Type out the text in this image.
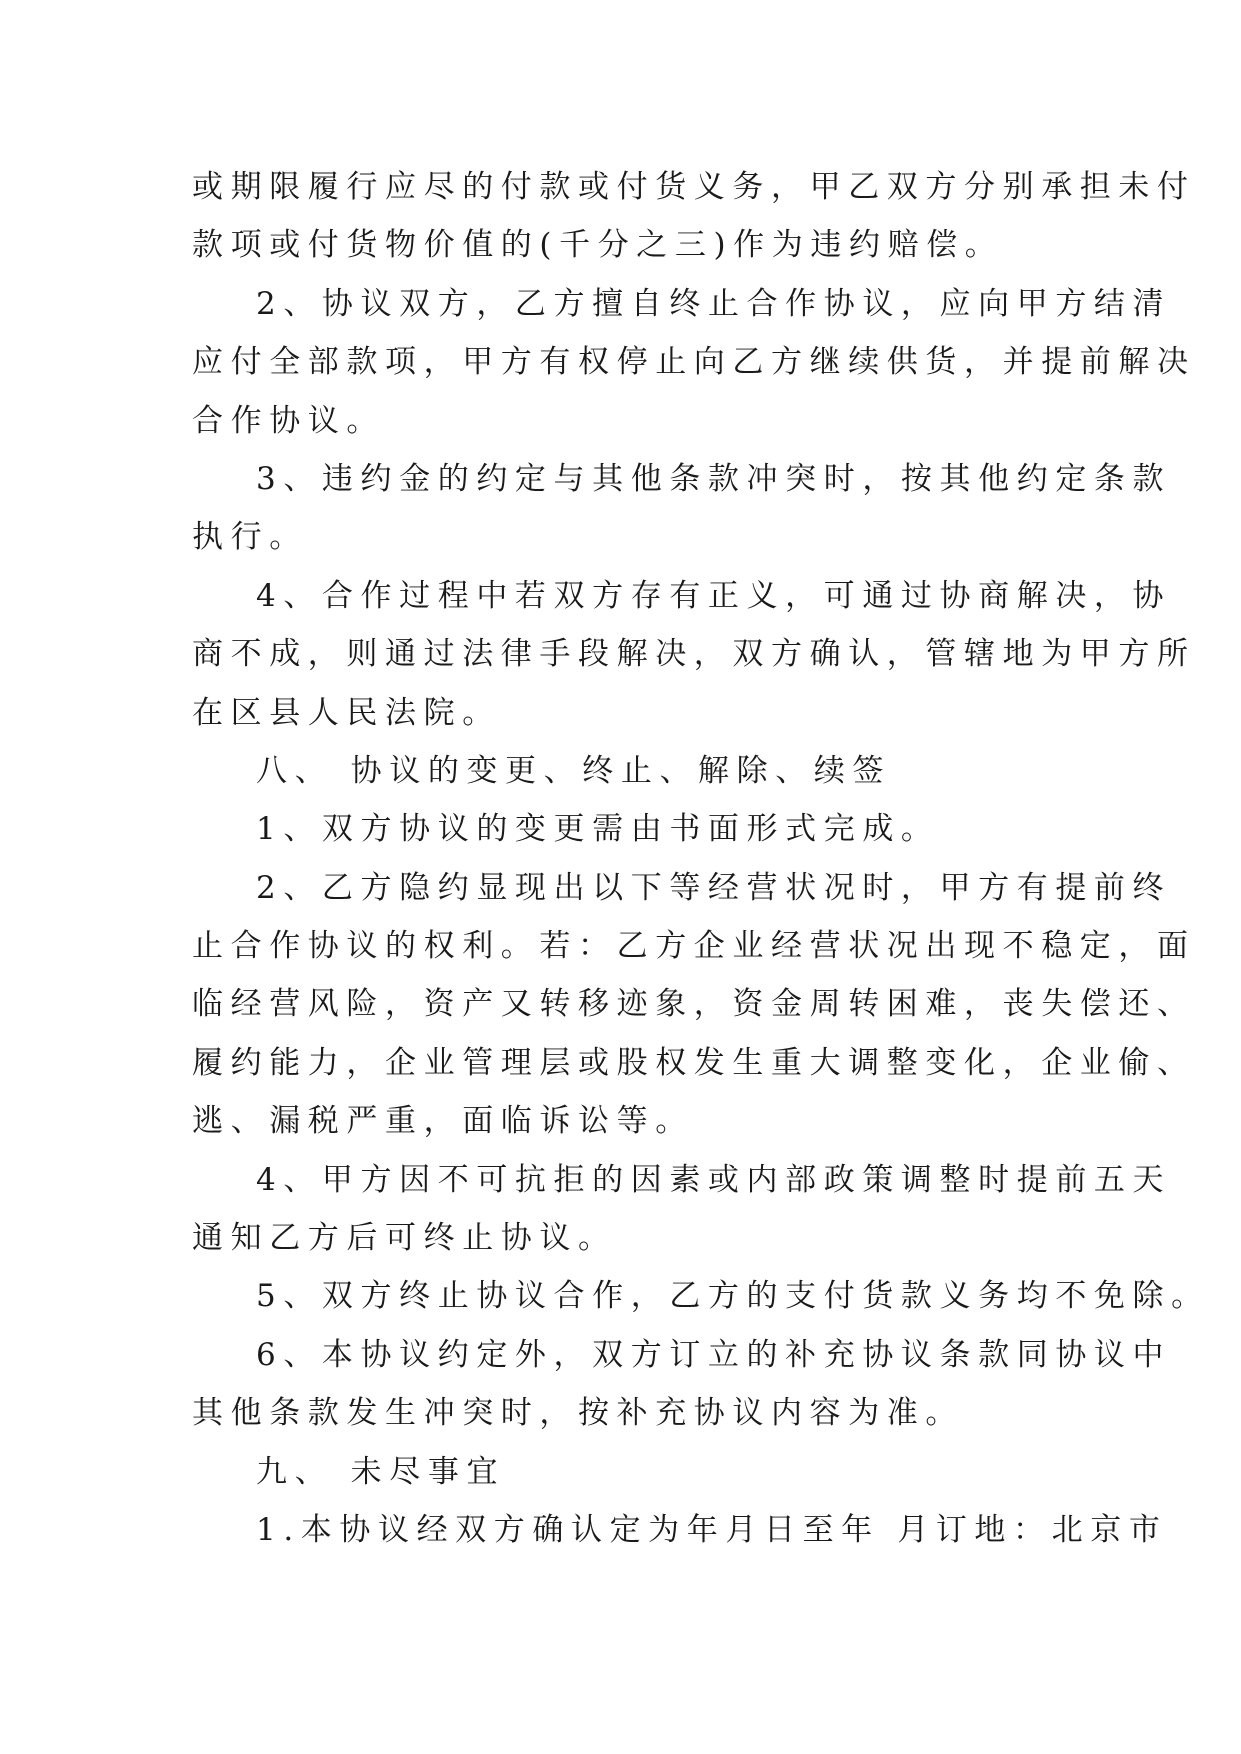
或期限履行应尽的付款或付货义务，甲乙双方分别承担未付

款项或付货物价值的(千分之三)作为违约赔偿。

2、协议双方，乙方擅自终止合作协议，应向甲方结清

应付全部款项，甲方有权停止向乙方继续供货，并提前解决

合作协议。

3、违约金的约定与其他条款冲突时，按其他约定条款

执行。

4、合作过程中若双方存有正义，可通过协商解决，协

商不成，则通过法律手段解决，双方确认，管辖地为甲方所

在区县人民法院。

八、 协议的变更、终止、解除、续签

1、双方协议的变更需由书面形式完成。

2、乙方隐约显现出以下等经营状况时，甲方有提前终

止合作协议的权利。若：乙方企业经营状况出现不稳定，面

临经营风险，资产又转移迹象，资金周转困难，丧失偿还、

履约能力，企业管理层或股权发生重大调整变化，企业偷、

逃、漏税严重，面临诉讼等。

4、甲方因不可抗拒的因素或内部政策调整时提前五天

通知乙方后可终止协议。

5、双方终止协议合作，乙方的支付货款义务均不免除。

6、本协议约定外，双方订立的补充协议条款同协议中

其他条款发生冲突时，按补充协议内容为准。

九、 未尽事宜

1.本协议经双方确认定为年月日至年 月订地：北京市
